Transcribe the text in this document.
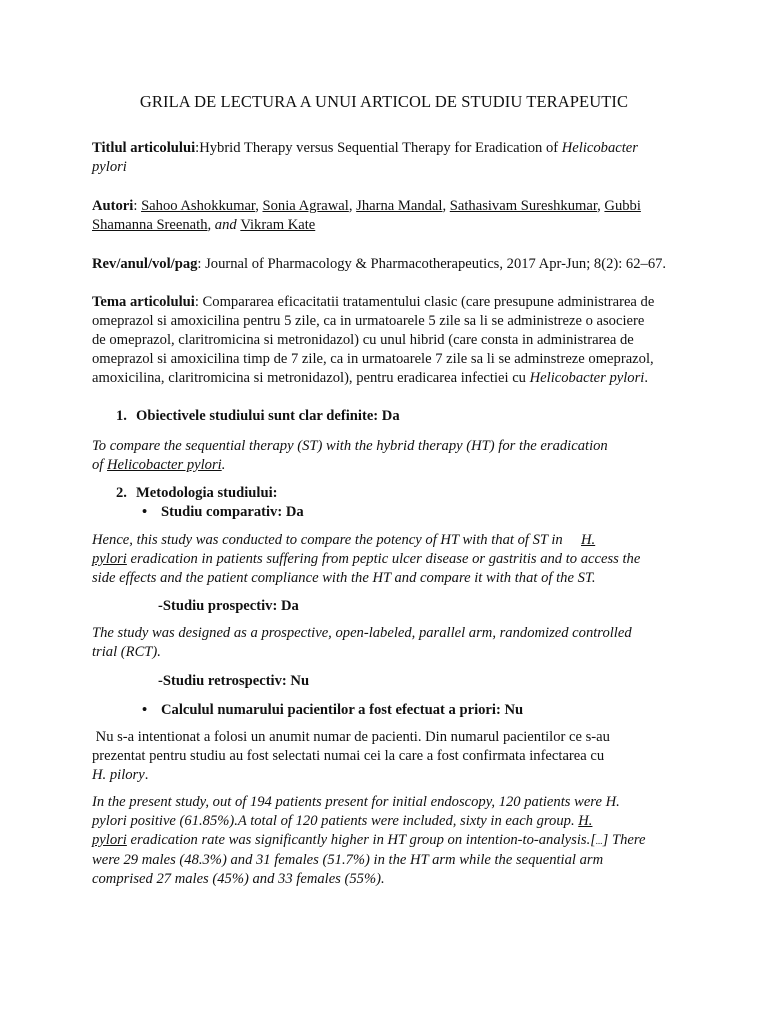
GRILA DE LECTURA A UNUI ARTICOL DE STUDIU TERAPEUTIC
Titlul articolului:Hybrid Therapy versus Sequential Therapy for Eradication of Helicobacter
pylori
Autori: Sahoo Ashokkumar, Sonia Agrawal, Jharna Mandal, Sathasivam Sureshkumar, Gubbi
Shamanna Sreenath, and Vikram Kate
Rev/anul/vol/pag: Journal of Pharmacology & Pharmacotherapeutics, 2017 Apr-Jun; 8(2): 62–67.
Tema articolului: Compararea eficacitatii tratamentului clasic (care presupune administrarea de
omeprazol si amoxicilina pentru 5 zile, ca in urmatoarele 5 zile sa li se administreze o asociere
de omeprazol, claritromicina si metronidazol) cu unul hibrid (care consta in administrarea de
omeprazol si amoxicilina timp de 7 zile, ca in urmatoarele 7 zile sa li se adminstreze omeprazol,
amoxicilina, claritromicina si metronidazol), pentru eradicarea infectiei cu Helicobacter pylori.
1. Obiectivele studiului sunt clar definite: Da
To compare the sequential therapy (ST) with the hybrid therapy (HT) for the eradication
of Helicobacter pylori.
2. Metodologia studiului:
• Studiu comparativ: Da
Hence, this study was conducted to compare the potency of HT with that of ST in     H.
pylori eradication in patients suffering from peptic ulcer disease or gastritis and to access the
side effects and the patient compliance with the HT and compare it with that of the ST.
-Studiu prospectiv: Da
The study was designed as a prospective, open-labeled, parallel arm, randomized controlled
trial (RCT).
-Studiu retrospectiv: Nu
• Calculul numarului pacientilor a fost efectuat a priori: Nu
Nu s-a intentionat a folosi un anumit numar de pacienti. Din numarul pacientilor ce s-au
prezentat pentru studiu au fost selectati numai cei la care a fost confirmata infectarea cu
H. pilory.
In the present study, out of 194 patients present for initial endoscopy, 120 patients were H.
pylori positive (61.85%).A total of 120 patients were included, sixty in each group. H.
pylori eradication rate was significantly higher in HT group on intention-to-analysis.[...] There
were 29 males (48.3%) and 31 females (51.7%) in the HT arm while the sequential arm
comprised 27 males (45%) and 33 females (55%).
